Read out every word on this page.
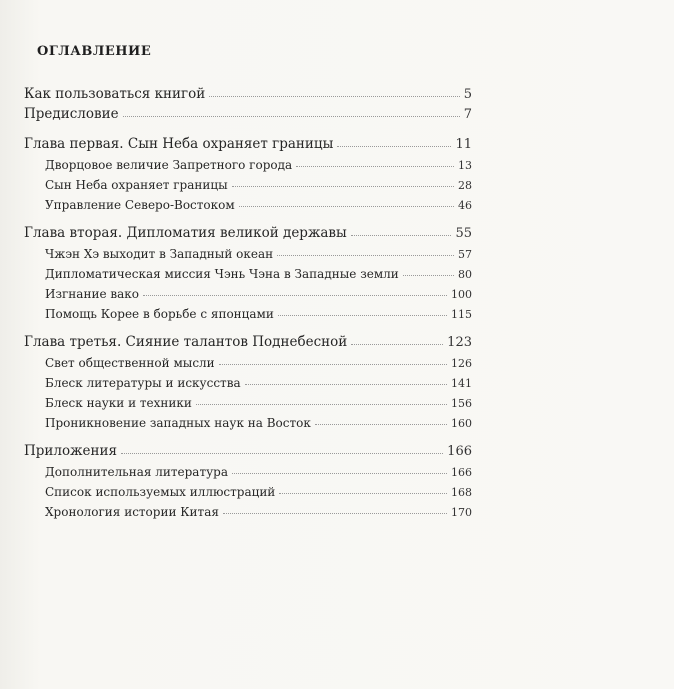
ОГЛАВЛЕНИЕ
Как пользоваться книгой	5
Предисловие	7
Глава первая. Сын Неба охраняет границы	11
Дворцовое величие Запретного города	13
Сын Неба охраняет границы	28
Управление Северо-Востоком	46
Глава вторая. Дипломатия великой державы	55
Чжэн Хэ выходит в Западный океан	57
Дипломатическая миссия Чэнь Чэна в Западные земли	80
Изгнание вако	100
Помощь Корее в борьбе с японцами	115
Глава третья. Сияние талантов Поднебесной	123
Свет общественной мысли	126
Блеск литературы и искусства	141
Блеск науки и техники	156
Проникновение западных наук на Восток	160
Приложения	166
Дополнительная литература	166
Список используемых иллюстраций	168
Хронология истории Китая	170
